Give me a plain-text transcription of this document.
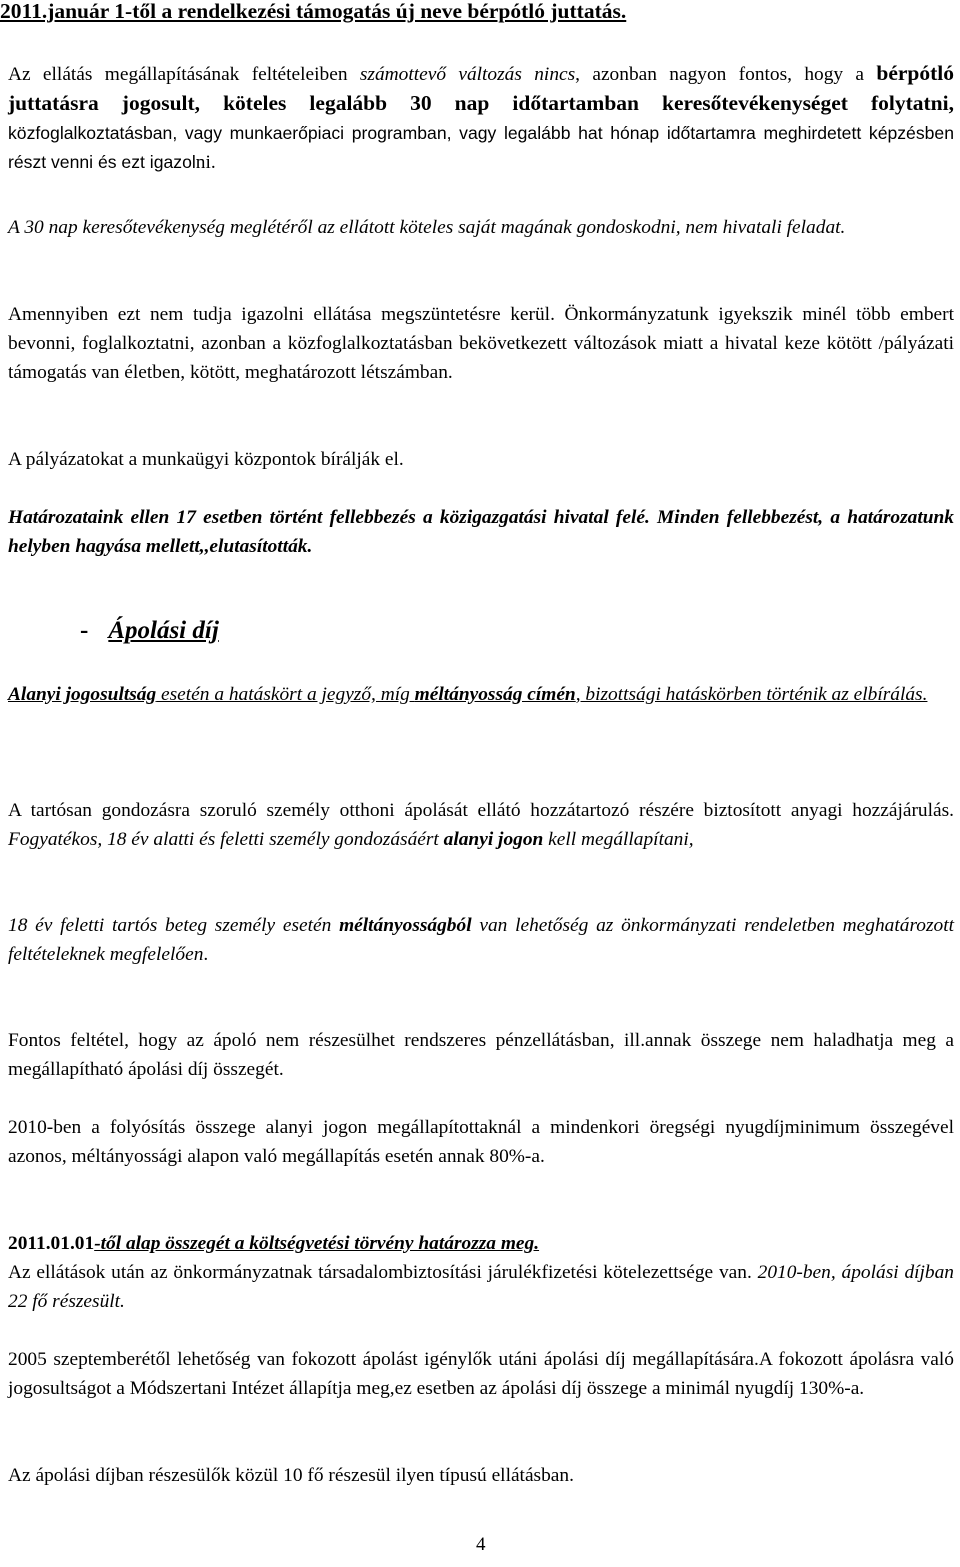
2011.január 1-től a rendelkezési támogatás új neve bérpótló juttatás.

Az ellátás megállapításának feltételeiben számottevő változás nincs, azonban nagyon fontos, hogy a bérpótló juttatásra jogosult, köteles legalább 30 nap időtartamban keresőtevékenységet folytatni, közfoglalkoztatásban, vagy munkaerőpiaci programban, vagy legalább hat hónap időtartamra meghirdetett képzésben részt venni és ezt igazolni.

A 30 nap keresőtevékenység meglétéről az ellátott köteles saját magának gondoskodni, nem hivatali feladat.

Amennyiben ezt nem tudja igazolni ellátása megszüntetésre kerül. Önkormányzatunk igyekszik minél több embert bevonni, foglalkoztatni, azonban a közfoglalkoztatásban bekövetkezett változások miatt a hivatal keze kötött /pályázati támogatás van életben, kötött, meghatározott létszámban.

A pályázatokat a munkaügyi központok bírálják el.

Határozataink ellen 17 esetben történt fellebbezés a közigazgatási hivatal felé. Minden fellebbezést, a határozatunk helyben hagyása mellett,,elutasították.

- Ápolási díj

Alanyi jogosultság esetén a hatáskört a jegyző, míg méltányosság címén, bizottsági hatáskörben történik az elbírálás.

A tartósan gondozásra szoruló személy otthoni ápolását ellátó hozzátartozó részére biztosított anyagi hozzájárulás. Fogyatékos, 18 év alatti és feletti személy gondozásáért alanyi jogon kell megállapítani,

18 év feletti tartós beteg személy esetén méltányosságból van lehetőség az önkormányzati rendeletben meghatározott feltételeknek megfelelően.

Fontos feltétel, hogy az ápoló nem részesülhet rendszeres pénzellátásban, ill.annak összege nem haladhatja meg a megállapítható ápolási díj összegét.

2010-ben a folyósítás összege alanyi jogon megállapítottaknál a mindenkori öregségi nyugdíjminimum összegével azonos, méltányossági alapon való megállapítás esetén annak 80%-a.

2011.01.01-től alap összegét a költségvetési törvény határozza meg.
Az ellátások után az önkormányzatnak társadalombiztosítási járulékfizetési kötelezettsége van. 2010-ben, ápolási díjban 22 fő részesült.

2005 szeptemberétől lehetőség van fokozott ápolást igénylők utáni ápolási díj megállapítására.A fokozott ápolásra való jogosultságot a Módszertani Intézet állapítja meg,ez esetben az ápolási díj összege a minimál nyugdíj 130%-a.

Az ápolási díjban részesülők közül 10 fő részesül ilyen típusú ellátásban.

4
